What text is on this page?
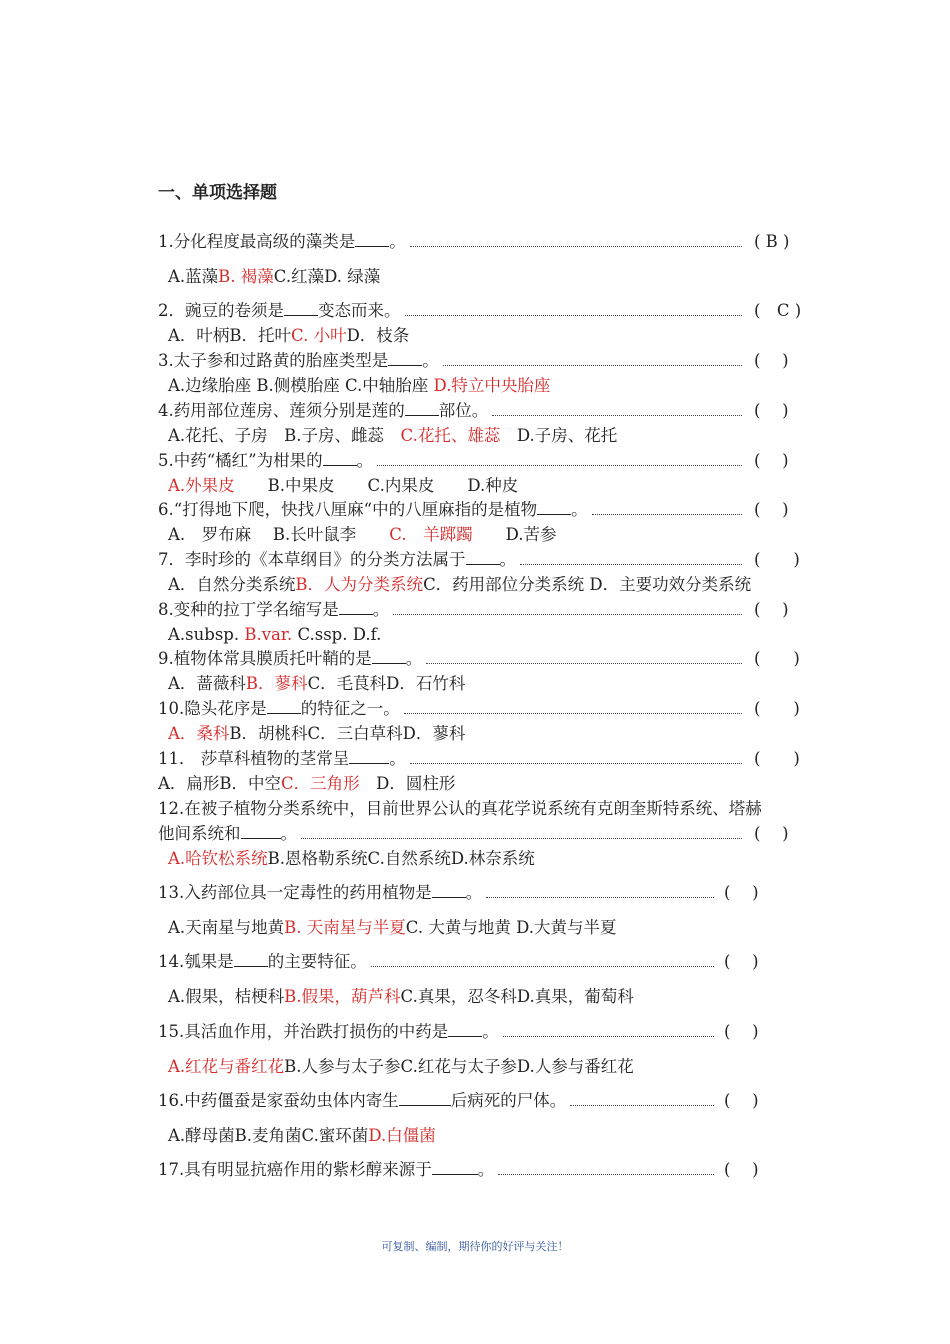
一、单项选择题
1.分化程度最高级的藻类是 。	( B )
A.蓝藻B. 褐藻C.红藻D. 绿藻
2．豌豆的卷须是 变态而来。	(　C )
A．叶柄B．托叶C. 小叶D．枝条
3.太子参和过路黄的胎座类型是 。	(　 )
A.边缘胎座 B.侧模胎座 C.中轴胎座 D.特立中央胎座
4.药用部位莲房、莲须分别是莲的 部位。	(　 )
A.花托、子房　B.子房、雌蕊　C.花托、雄蕊　D.子房、花托
5.中药“橘红”为柑果的 。	(　 )
A.外果皮　　B.中果皮　　C.内果皮　　D.种皮
6.“打得地下爬，快找八厘麻“中的八厘麻指的是植物 。	(　 )
A.　罗布麻　 B.长叶鼠李　　C.　羊踯躅　　D.苦参
7．李时珍的《本草纲目》的分类方法属于 。	(　　)
A．自然分类系统B．人为分类系统C．药用部位分类系统 D．主要功效分类系统
8.变种的拉丁学名缩写是 。	(　 )
A.subsp. B.var. C.ssp. D.f.
9.植物体常具膜质托叶鞘的是 。	(　　)
A．蔷薇科B．蓼科C．毛茛科D．石竹科
10.隐头花序是 的特征之一。	(　　)
A．桑科B．胡桃科C．三白草科D．蓼科
11． 莎草科植物的茎常呈 。	(　　)
A．扁形B．中空C．三角形　D．圆柱形
12.在被子植物分类系统中，目前世界公认的真花学说系统有克朗奎斯特系统、塔赫
他间系统和 。	(　 )
A.哈钦松系统B.恩格勒系统C.自然系统D.林奈系统
13.入药部位具一定毒性的药用植物是 。	(　 )
A.天南星与地黄B. 天南星与半夏C. 大黄与地黄 D.大黄与半夏
14.瓠果是 的主要特征。	(　 )
A.假果，桔梗科B.假果，葫芦科C.真果，忍冬科D.真果，葡萄科
15.具活血作用，并治跌打损伤的中药是 。	(　 )
A.红花与番红花B.人参与太子参C.红花与太子参D.人参与番红花
16.中药僵蚕是家蚕幼虫体内寄生	后病死的尸体。	(　 )
A.酵母菌B.麦角菌C.蜜环菌D.白僵菌
17.具有明显抗癌作用的紫杉醇来源于	。	(　 )
可复制、编制，期待你的好评与关注！
